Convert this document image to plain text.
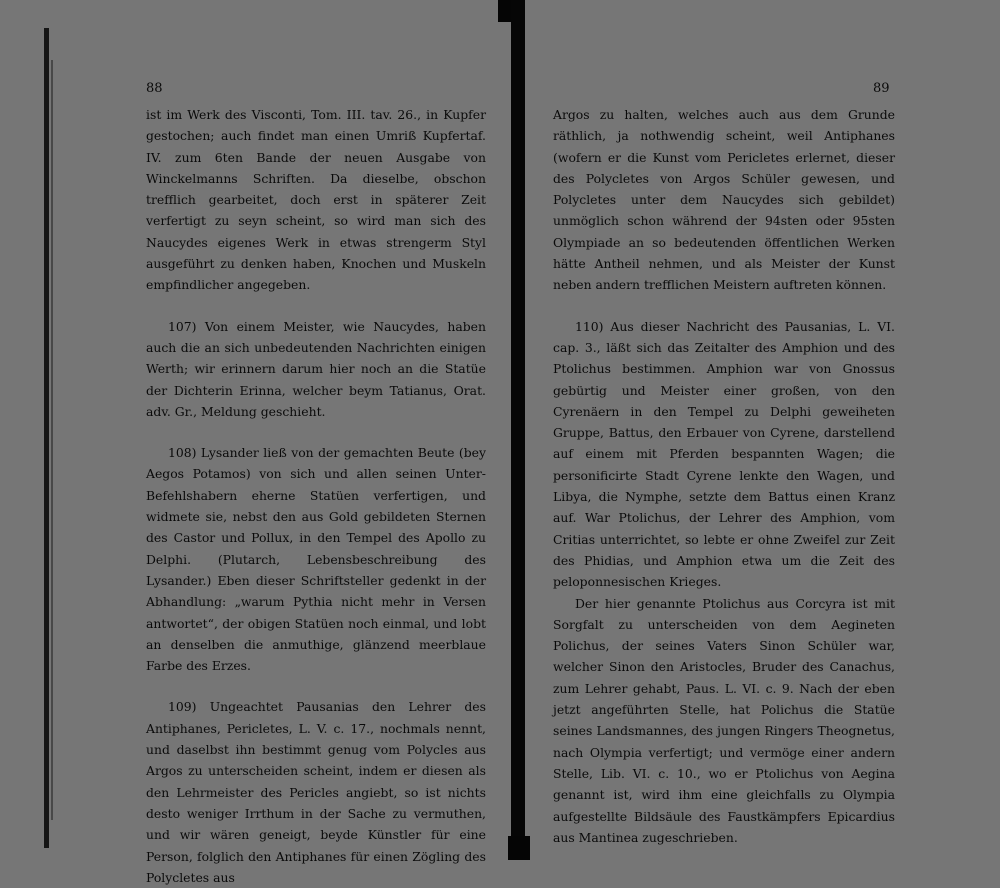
88	89

ist im Werk des Visconti, Tom. III. tav. 26., in Kupfer gestochen; auch findet man einen Umriß Kupfertaf. IV. zum 6ten Bande der neuen Ausgabe von Winckelmanns Schriften. Da dieselbe, obschon trefflich gearbeitet, doch erst in späterer Zeit verfertigt zu seyn scheint, so wird man sich des Naucydes eigenes Werk in etwas strengerm Styl ausgeführt zu denken haben, Knochen und Muskeln empfindlicher angegeben.

107) Von einem Meister, wie Naucydes, haben auch die an sich unbedeutenden Nachrichten einigen Werth; wir erinnern darum hier noch an die Statüe der Dichterin Erinna, welcher beym Tatianus, Orat. adv. Gr., Meldung geschieht.

108) Lysander ließ von der gemachten Beute (bey Aegos Potamos) von sich und allen seinen Unter-Befehlshabern eherne Statüen verfertigen, und widmete sie, nebst den aus Gold gebildeten Sternen des Castor und Pollux, in den Tempel des Apollo zu Delphi. (Plutarch, Lebensbeschreibung des Lysander.) Eben dieser Schriftsteller gedenkt in der Abhandlung: „warum Pythia nicht mehr in Versen antwortet“, der obigen Statüen noch einmal, und lobt an denselben die anmuthige, glänzend meerblaue Farbe des Erzes.

109) Ungeachtet Pausanias den Lehrer des Antiphanes, Pericletes, L. V. c. 17., nochmals nennt, und daselbst ihn bestimmt genug vom Polycles aus Argos zu unterscheiden scheint, indem er diesen als den Lehrmeister des Pericles angiebt, so ist nichts desto weniger Irrthum in der Sache zu vermuthen, und wir wären geneigt, beyde Künstler für eine Person, folglich den Antiphanes für einen Zögling des Polycletes aus

Argos zu halten, welches auch aus dem Grunde räthlich, ja nothwendig scheint, weil Antiphanes (wofern er die Kunst vom Pericletes erlernet, dieser des Polycletes von Argos Schüler gewesen, und Polycletes unter dem Naucydes sich gebildet) unmöglich schon während der 94sten oder 95sten Olympiade an so bedeutenden öffentlichen Werken hätte Antheil nehmen, und als Meister der Kunst neben andern trefflichen Meistern auftreten können.

110) Aus dieser Nachricht des Pausanias, L. VI. cap. 3., läßt sich das Zeitalter des Amphion und des Ptolichus bestimmen. Amphion war von Gnossus gebürtig und Meister einer großen, von den Cyrenäern in den Tempel zu Delphi geweiheten Gruppe, Battus, den Erbauer von Cyrene, darstellend auf einem mit Pferden bespannten Wagen; die personificirte Stadt Cyrene lenkte den Wagen, und Libya, die Nymphe, setzte dem Battus einen Kranz auf. War Ptolichus, der Lehrer des Amphion, vom Critias unterrichtet, so lebte er ohne Zweifel zur Zeit des Phidias, und Amphion etwa um die Zeit des peloponnesischen Krieges.

Der hier genannte Ptolichus aus Corcyra ist mit Sorgfalt zu unterscheiden von dem Aegineten Polichus, der seines Vaters Sinon Schüler war, welcher Sinon den Aristocles, Bruder des Canachus, zum Lehrer gehabt, Paus. L. VI. c. 9. Nach der eben jetzt angeführten Stelle, hat Polichus die Statüe seines Landsmannes, des jungen Ringers Theognetus, nach Olympia verfertigt; und vermöge einer andern Stelle, Lib. VI. c. 10., wo er Ptolichus von Aegina genannt ist, wird ihm eine gleichfalls zu Olympia aufgestellte Bildsäule des Faustkämpfers Epicardius aus Mantinea zugeschrieben.
